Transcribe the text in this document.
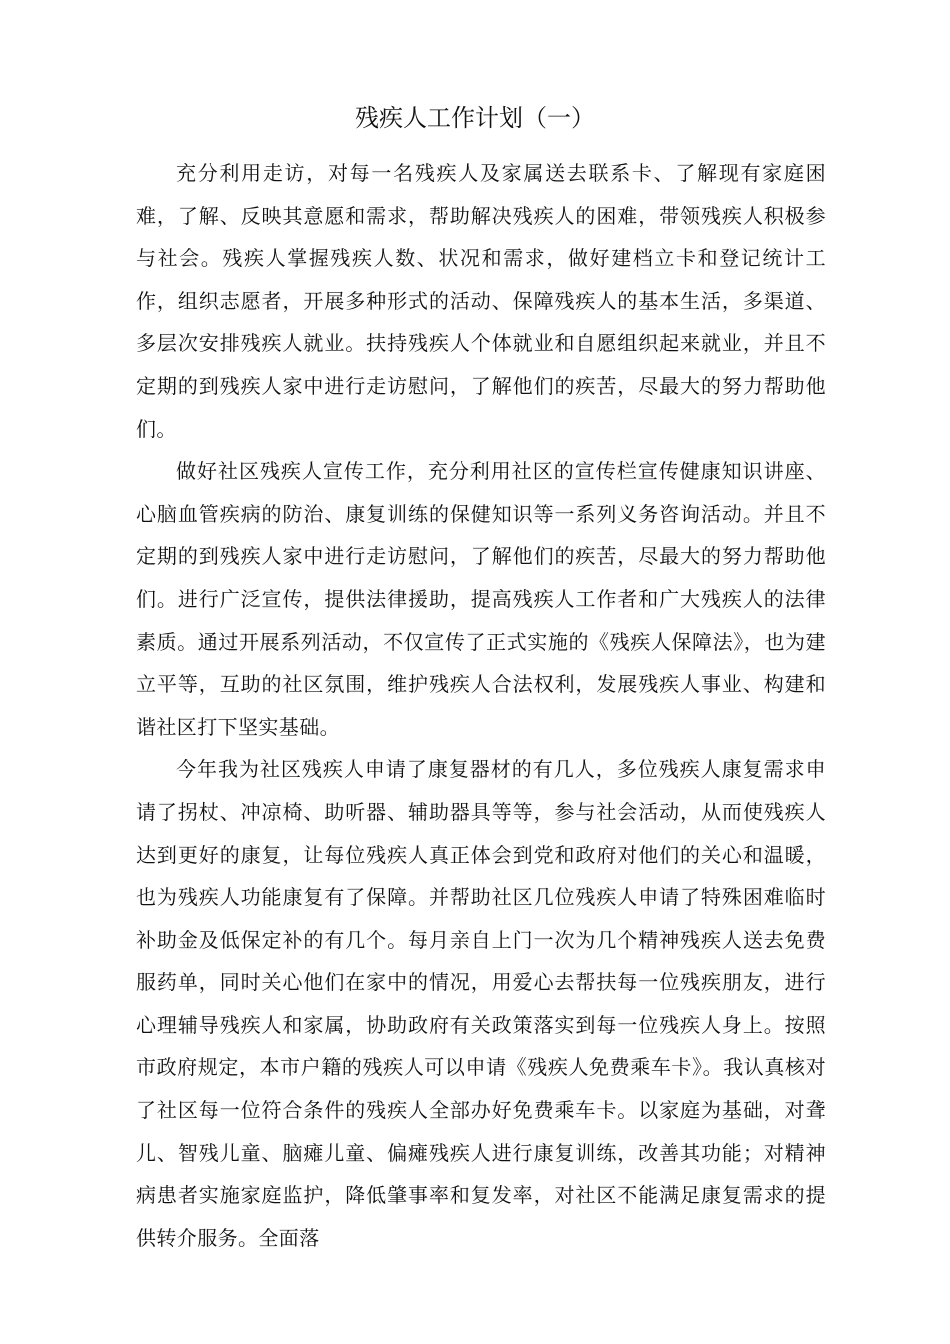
残疾人工作计划（一）

充分利用走访，对每一名残疾人及家属送去联系卡、了解现有家庭困难，了解、反映其意愿和需求，帮助解决残疾人的困难，带领残疾人积极参与社会。残疾人掌握残疾人数、状况和需求，做好建档立卡和登记统计工作，组织志愿者，开展多种形式的活动、保障残疾人的基本生活，多渠道、多层次安排残疾人就业。扶持残疾人个体就业和自愿组织起来就业，并且不定期的到残疾人家中进行走访慰问，了解他们的疾苦，尽最大的努力帮助他们。

做好社区残疾人宣传工作，充分利用社区的宣传栏宣传健康知识讲座、心脑血管疾病的防治、康复训练的保健知识等一系列义务咨询活动。并且不定期的到残疾人家中进行走访慰问，了解他们的疾苦，尽最大的努力帮助他们。进行广泛宣传，提供法律援助，提高残疾人工作者和广大残疾人的法律素质。通过开展系列活动，不仅宣传了正式实施的《残疾人保障法》，也为建立平等，互助的社区氛围，维护残疾人合法权利，发展残疾人事业、构建和谐社区打下坚实基础。

今年我为社区残疾人申请了康复器材的有几人，多位残疾人康复需求申请了拐杖、冲凉椅、助听器、辅助器具等等，参与社会活动，从而使残疾人达到更好的康复，让每位残疾人真正体会到党和政府对他们的关心和温暖，也为残疾人功能康复有了保障。并帮助社区几位残疾人申请了特殊困难临时补助金及低保定补的有几个。每月亲自上门一次为几个精神残疾人送去免费服药单，同时关心他们在家中的情况，用爱心去帮扶每一位残疾朋友，进行心理辅导残疾人和家属，协助政府有关政策落实到每一位残疾人身上。按照市政府规定，本市户籍的残疾人可以申请《残疾人免费乘车卡》。我认真核对了社区每一位符合条件的残疾人全部办好免费乘车卡。以家庭为基础，对聋儿、智残儿童、脑瘫儿童、偏瘫残疾人进行康复训练，改善其功能；对精神病患者实施家庭监护，降低肇事率和复发率，对社区不能满足康复需求的提供转介服务。全面落
